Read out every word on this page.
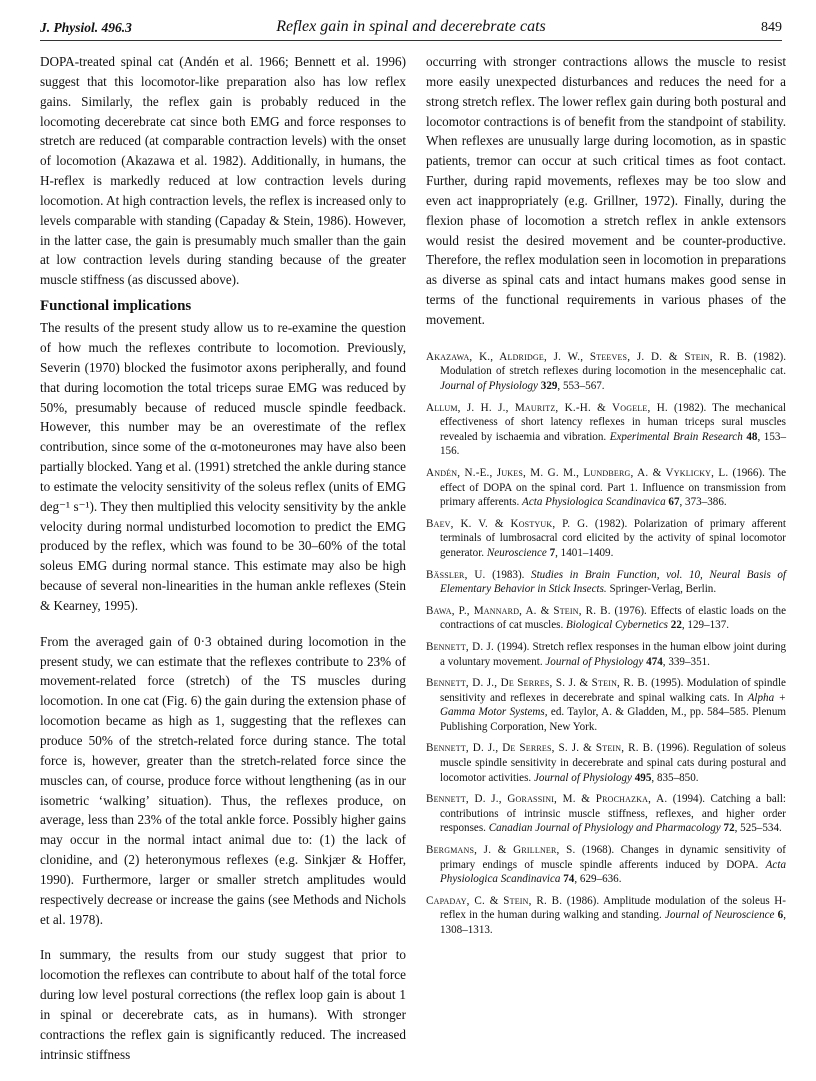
J. Physiol. 496.3	Reflex gain in spinal and decerebrate cats	849

DOPA-treated spinal cat (Andén et al. 1966; Bennett et al. 1996) suggest that this locomotor-like preparation also has low reflex gains. Similarly, the reflex gain is probably reduced in the locomoting decerebrate cat since both EMG and force responses to stretch are reduced (at comparable contraction levels) with the onset of locomotion (Akazawa et al. 1982). Additionally, in humans, the H-reflex is markedly reduced at low contraction levels during locomotion. At high contraction levels, the reflex is increased only to levels comparable with standing (Capaday & Stein, 1986). However, in the latter case, the gain is presumably much smaller than the gain at low contraction levels during standing because of the greater muscle stiffness (as discussed above).

Functional implications

The results of the present study allow us to re-examine the question of how much the reflexes contribute to locomotion. Previously, Severin (1970) blocked the fusimotor axons peripherally, and found that during locomotion the total triceps surae EMG was reduced by 50%, presumably because of reduced muscle spindle feedback. However, this number may be an overestimate of the reflex contribution, since some of the α-motoneurones may have also been partially blocked. Yang et al. (1991) stretched the ankle during stance to estimate the velocity sensitivity of the soleus reflex (units of EMG deg⁻¹ s⁻¹). They then multiplied this velocity sensitivity by the ankle velocity during normal undisturbed locomotion to predict the EMG produced by the reflex, which was found to be 30–60% of the total soleus EMG during normal stance. This estimate may also be high because of several non-linearities in the human ankle reflexes (Stein & Kearney, 1995).

From the averaged gain of 0·3 obtained during locomotion in the present study, we can estimate that the reflexes contribute to 23% of movement-related force (stretch) of the TS muscles during locomotion. In one cat (Fig. 6) the gain during the extension phase of locomotion became as high as 1, suggesting that the reflexes can produce 50% of the stretch-related force during stance. The total force is, however, greater than the stretch-related force since the muscles can, of course, produce force without lengthening (as in our isometric ‘walking’ situation). Thus, the reflexes produce, on average, less than 23% of the total ankle force. Possibly higher gains may occur in the normal intact animal due to: (1) the lack of clonidine, and (2) heteronymous reflexes (e.g. Sinkjær & Hoffer, 1990). Furthermore, larger or smaller stretch amplitudes would respectively decrease or increase the gains (see Methods and Nichols et al. 1978).

In summary, the results from our study suggest that prior to locomotion the reflexes can contribute to about half of the total force during low level postural corrections (the reflex loop gain is about 1 in spinal or decerebrate cats, as in humans). With stronger contractions the reflex gain is significantly reduced. The increased intrinsic stiffness

occurring with stronger contractions allows the muscle to resist more easily unexpected disturbances and reduces the need for a strong stretch reflex. The lower reflex gain during both postural and locomotor contractions is of benefit from the standpoint of stability. When reflexes are unusually large during locomotion, as in spastic patients, tremor can occur at such critical times as foot contact. Further, during rapid movements, reflexes may be too slow and even act inappropriately (e.g. Grillner, 1972). Finally, during the flexion phase of locomotion a stretch reflex in ankle extensors would resist the desired movement and be counter-productive. Therefore, the reflex modulation seen in locomotion in preparations as diverse as spinal cats and intact humans makes good sense in terms of the functional requirements in various phases of the movement.

Akazawa, K., Aldridge, J. W., Steeves, J. D. & Stein, R. B. (1982). Modulation of stretch reflexes during locomotion in the mesencephalic cat. Journal of Physiology 329, 553–567.

Allum, J. H. J., Mauritz, K.-H. & Vogele, H. (1982). The mechanical effectiveness of short latency reflexes in human triceps sural muscles revealed by ischaemia and vibration. Experimental Brain Research 48, 153–156.

Andén, N.-E., Jukes, M. G. M., Lundberg, A. & Vyklicky, L. (1966). The effect of DOPA on the spinal cord. Part 1. Influence on transmission from primary afferents. Acta Physiologica Scandinavica 67, 373–386.

Baev, K. V. & Kostyuk, P. G. (1982). Polarization of primary afferent terminals of lumbrosacral cord elicited by the activity of spinal locomotor generator. Neuroscience 7, 1401–1409.

Bässler, U. (1983). Studies in Brain Function, vol. 10, Neural Basis of Elementary Behavior in Stick Insects. Springer-Verlag, Berlin.

Bawa, P., Mannard, A. & Stein, R. B. (1976). Effects of elastic loads on the contractions of cat muscles. Biological Cybernetics 22, 129–137.

Bennett, D. J. (1994). Stretch reflex responses in the human elbow joint during a voluntary movement. Journal of Physiology 474, 339–351.

Bennett, D. J., De Serres, S. J. & Stein, R. B. (1995). Modulation of spindle sensitivity and reflexes in decerebrate and spinal walking cats. In Alpha + Gamma Motor Systems, ed. Taylor, A. & Gladden, M., pp. 584–585. Plenum Publishing Corporation, New York.

Bennett, D. J., De Serres, S. J. & Stein, R. B. (1996). Regulation of soleus muscle spindle sensitivity in decerebrate and spinal cats during postural and locomotor activities. Journal of Physiology 495, 835–850.

Bennett, D. J., Gorassini, M. & Prochazka, A. (1994). Catching a ball: contributions of intrinsic muscle stiffness, reflexes, and higher order responses. Canadian Journal of Physiology and Pharmacology 72, 525–534.

Bergmans, J. & Grillner, S. (1968). Changes in dynamic sensitivity of primary endings of muscle spindle afferents induced by DOPA. Acta Physiologica Scandinavica 74, 629–636.

Capaday, C. & Stein, R. B. (1986). Amplitude modulation of the soleus H-reflex in the human during walking and standing. Journal of Neuroscience 6, 1308–1313.
